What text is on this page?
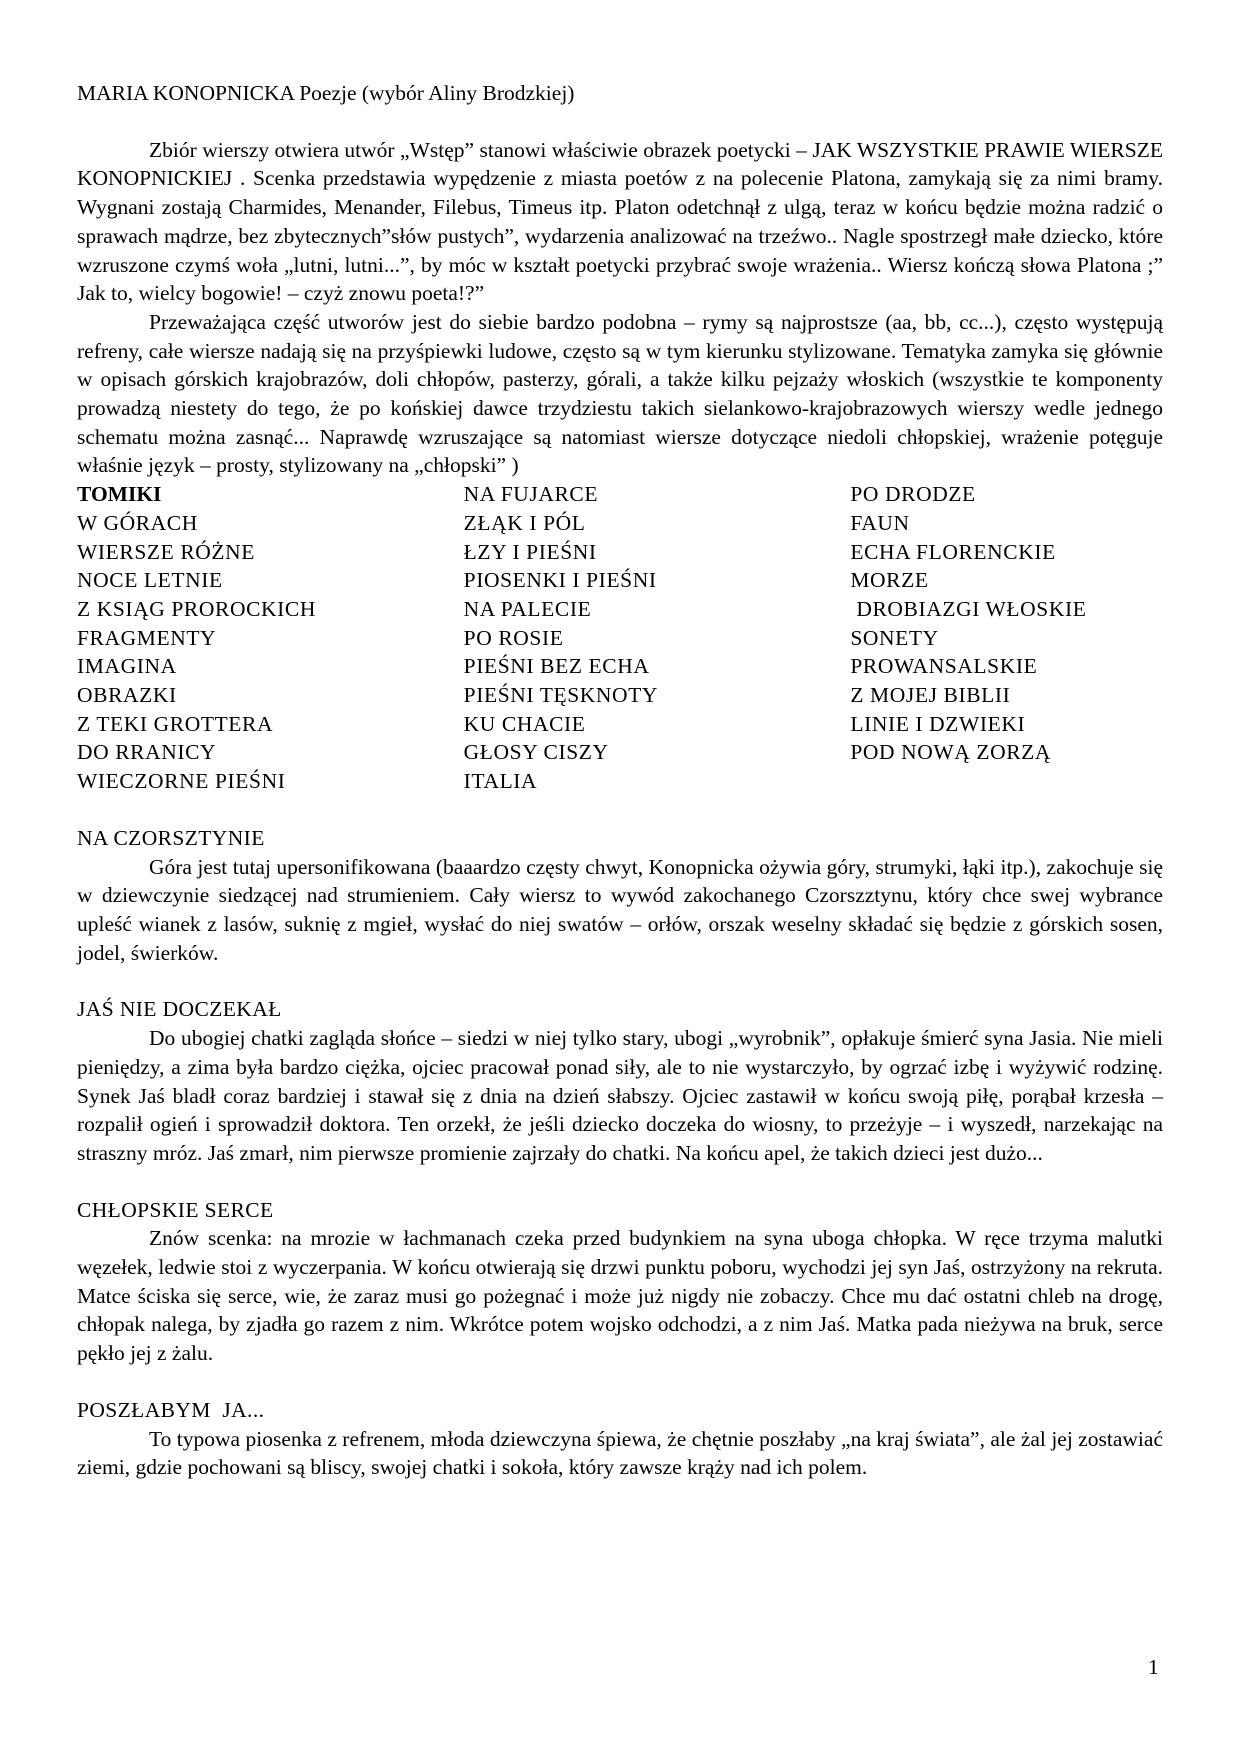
MARIA KONOPNICKA Poezje (wybór Aliny Brodzkiej)

Zbiór wierszy otwiera utwór „Wstęp” stanowi właściwie obrazek poetycki – JAK WSZYSTKIE PRAWIE WIERSZE KONOPNICKIEJ . Scenka przedstawia wypędzenie z miasta poetów z na polecenie Platona, zamykają się za nimi bramy. Wygnani zostają Charmides, Menander, Filebus, Timeus itp. Platon odetchnął z ulgą, teraz w końcu będzie można radzić o sprawach mądrze, bez zbytecznych”słów pustych”, wydarzenia analizować na trzeźwo.. Nagle spostrzegł małe dziecko, które wzruszone czymś woła „lutni, lutni...”, by móc w kształt poetycki przybrać swoje wrażenia.. Wiersz kończą słowa Platona ;” Jak to, wielcy bogowie! – czyż znowu poeta!?”

Przeważająca część utworów jest do siebie bardzo podobna – rymy są najprostsze (aa, bb, cc...), często występują refreny, całe wiersze nadają się na przyśpiewki ludowe, często są w tym kierunku stylizowane. Tematyka zamyka się głównie w opisach górskich krajobrazów, doli chłopów, pasterzy, górali, a także kilku pejzaży włoskich (wszystkie te komponenty prowadzą niestety do tego, że po końskiej dawce trzydziestu takich sielankowo-krajobrazowych wierszy wedle jednego schematu można zasnąć... Naprawdę wzruszające są natomiast wiersze dotyczące niedoli chłopskiej, wrażenie potęguje właśnie język – prosty, stylizowany na „chłopski” )

TOMIKI
W GÓRACH
WIERSZE RÓŻNE
NOCE LETNIE
Z KSIĄG PROROCKICH
FRAGMENTY
IMAGINA
OBRAZKI
Z TEKI GROTTERA
DO RRANICY
WIECZORNE PIEŚNI
NA FUJARCE
ZŁĄK I PÓL
ŁZY I PIEŚNI
PIOSENKI I PIEŚNI
NA PALECIE
PO ROSIE
PIEŚNI BEZ ECHA
PIEŚNI TĘSKNOTY
KU CHACIE
GŁOSY CISZY
ITALIA
PO DRODZE
FAUN
ECHA FLORENCKIE
MORZE
DROBIAZGI WŁOSKIE
SONETY
PROWANSALSKIE
Z MOJEJ BIBLII
LINIE I DZWIEKI
POD NOWĄ ZORZĄ
NA CZORSZTYNIE

Góra jest tutaj upersonifikowana (baaardzo częsty chwyt, Konopnicka ożywia góry, strumyki, łąki itp.), zakochuje się w dziewczynie siedzącej nad strumieniem. Cały wiersz to wywód zakochanego Czorszztynu, który chce swej wybrance upleść wianek z lasów, suknię z mgieł, wysłać do niej swatów – orłów, orszak weselny składać się będzie z górskich sosen, jodel, świerków.

JAŚ NIE DOCZEKAŁ

Do ubogiej chatki zagląda słońce – siedzi w niej tylko stary, ubogi „wyrobnik”, opłakuje śmierć syna Jasia. Nie mieli pieniędzy, a zima była bardzo ciężka, ojciec pracował ponad siły, ale to nie wystarczyło, by ogrzać izbę i wyżywić rodzinę. Synek Jaś bladł coraz bardziej i stawał się z dnia na dzień słabszy. Ojciec zastawił w końcu swoją piłę, porąbał krzesła – rozpalił ogień i sprowadził doktora. Ten orzekł, że jeśli dziecko doczeka do wiosny, to przeżyje – i wyszedł, narzekając na straszny mróz. Jaś zmarł, nim pierwsze promienie zajrzały do chatki. Na końcu apel, że takich dzieci jest dużo...

CHŁOPSKIE SERCE

Znów scenka: na mrozie w łachmanach czeka przed budynkiem na syna uboga chłopka. W ręce trzyma malutki węzełek, ledwie stoi z wyczerpania. W końcu otwierają się drzwi punktu poboru, wychodzi jej syn Jaś, ostrzyżony na rekruta. Matce ściska się serce, wie, że zaraz musi go pożegnać i może już nigdy nie zobaczy. Chce mu dać ostatni chleb na drogę, chłopak nalega, by zjadła go razem z nim. Wkrótce potem wojsko odchodzi, a z nim Jaś. Matka pada nieżywa na bruk, serce pękło jej z żalu.

POSZŁABYM  JA...

To typowa piosenka z refrenem, młoda dziewczyna śpiewa, że chętnie poszłaby „na kraj świata”, ale żal jej zostawiać ziemi, gdzie pochowani są bliscy, swojej chatki i sokoła, który zawsze krąży nad ich polem.

1
